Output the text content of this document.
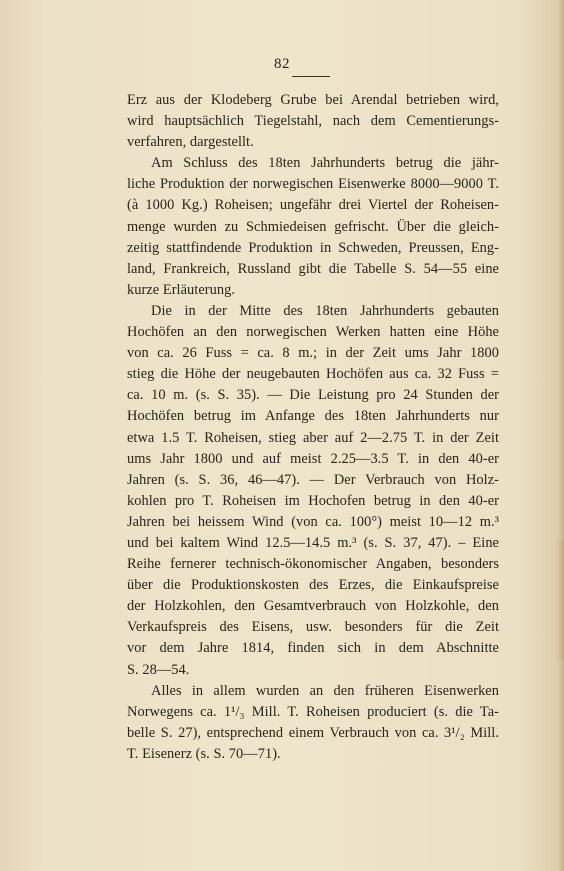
82

Erz aus der Klodeberg Grube bei Arendal betrieben wird,
wird hauptsächlich Tiegelstahl, nach dem Cementierungs-
verfahren, dargestellt.

Am Schluss des 18ten Jahrhunderts betrug die jähr-
liche Produktion der norwegischen Eisenwerke 8000—9000 T.
(à 1000 Kg.) Roheisen; ungefähr drei Viertel der Roheisen-
menge wurden zu Schmiedeisen gefrischt. Über die gleich-
zeitig stattfindende Produktion in Schweden, Preussen, Eng-
land, Frankreich, Russland gibt die Tabelle S. 54—55 eine
kurze Erläuterung.

Die in der Mitte des 18ten Jahrhunderts gebauten
Hochöfen an den norwegischen Werken hatten eine Höhe
von ca. 26 Fuss = ca. 8 m.; in der Zeit ums Jahr 1800
stieg die Höhe der neugebauten Hochöfen aus ca. 32 Fuss =
ca. 10 m. (s. S. 35). — Die Leistung pro 24 Stunden der
Hochöfen betrug im Anfange des 18ten Jahrhunderts nur
etwa 1.5 T. Roheisen, stieg aber auf 2—2.75 T. in der Zeit
ums Jahr 1800 und auf meist 2.25—3.5 T. in den 40-er
Jahren (s. S. 36, 46—47). — Der Verbrauch von Holz-
kohlen pro T. Roheisen im Hochofen betrug in den 40-er
Jahren bei heissem Wind (von ca. 100°) meist 10—12 m.³
und bei kaltem Wind 12.5—14.5 m.³ (s. S. 37, 47). – Eine
Reihe fernerer technisch-ökonomischer Angaben, besonders
über die Produktionskosten des Erzes, die Einkaufspreise
der Holzkohlen, den Gesamtverbrauch von Holzkohle, den
Verkaufspreis des Eisens, usw. besonders für die Zeit
vor dem Jahre 1814, finden sich in dem Abschnitte
S. 28—54.

Alles in allem wurden an den früheren Eisenwerken
Norwegens ca. 1¹/₃ Mill. T. Roheisen produciert (s. die Ta-
belle S. 27), entsprechend einem Verbrauch von ca. 3¹/₂ Mill.
T. Eisenerz (s. S. 70—71).
